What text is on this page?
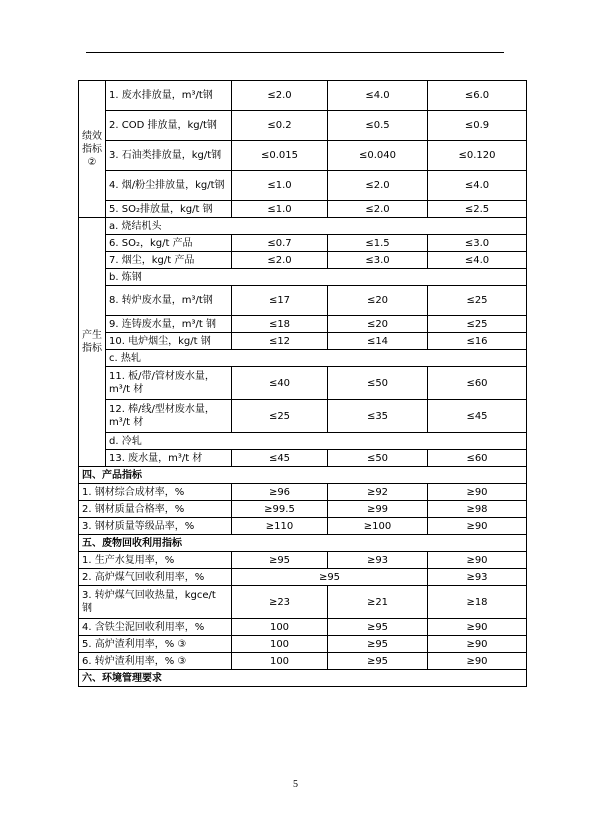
绩效指标②	1. 废水排放量，m³/t钢	≤2.0	≤4.0	≤6.0
	2. COD 排放量，kg/t钢	≤0.2	≤0.5	≤0.9
	3. 石油类排放量，kg/t钢	≤0.015	≤0.040	≤0.120
	4. 烟/粉尘排放量，kg/t钢	≤1.0	≤2.0	≤4.0
	5. SO₂排放量，kg/t 钢	≤1.0	≤2.0	≤2.5
产生指标	a. 烧结机头			
	6. SO₂，kg/t 产品	≤0.7	≤1.5	≤3.0
	7. 烟尘，kg/t 产品	≤2.0	≤3.0	≤4.0
	b. 炼钢			
	8. 转炉废水量，m³/t钢	≤17	≤20	≤25
	9. 连铸废水量，m³/t 钢	≤18	≤20	≤25
	10. 电炉烟尘，kg/t 钢	≤12	≤14	≤16
	c. 热轧			
	11. 板/带/管材废水量，m³/t 材	≤40	≤50	≤60
	12. 棒/线/型材废水量，m³/t 材	≤25	≤35	≤45
	d. 冷轧			
	13. 废水量，m³/t 材	≤45	≤50	≤60
四、产品指标				
1. 钢材综合成材率，%		≥96	≥92	≥90
2. 钢材质量合格率，%		≥99.5	≥99	≥98
3. 钢材质量等级品率，%		≥110	≥100	≥90
五、废物回收利用指标				
1. 生产水复用率，%		≥95	≥93	≥90
2. 高炉煤气回收利用率，%		≥95		≥93
3. 转炉煤气回收热量，kgce/t 钢		≥23	≥21	≥18
4. 含铁尘泥回收利用率，%		100	≥95	≥90
5. 高炉渣利用率，% ③		100	≥95	≥90
6. 转炉渣利用率，% ③		100	≥95	≥90
六、环境管理要求				
5
